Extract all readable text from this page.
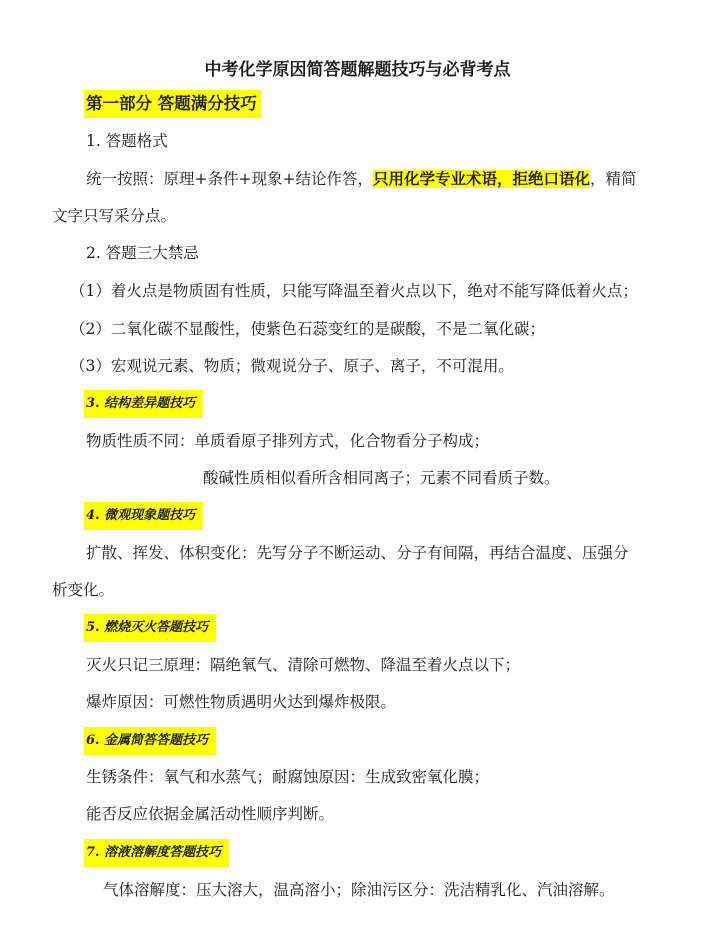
中考化学原因简答题解题技巧与必背考点
第一部分 答题满分技巧
1. 答题格式
统一按照：原理+条件+现象+结论作答，只用化学专业术语，拒绝口语化，精简
文字只写采分点。
2. 答题三大禁忌
（1）着火点是物质固有性质，只能写降温至着火点以下，绝对不能写降低着火点；
（2）二氧化碳不显酸性，使紫色石蕊变红的是碳酸，不是二氧化碳；
（3）宏观说元素、物质；微观说分子、原子、离子，不可混用。
3. 结构差异题技巧
物质性质不同：单质看原子排列方式，化合物看分子构成；
酸碱性质相似看所含相同离子；元素不同看质子数。
4. 微观现象题技巧
扩散、挥发、体积变化：先写分子不断运动、分子有间隔，再结合温度、压强分
析变化。
5. 燃烧灭火答题技巧
灭火只记三原理：隔绝氧气、清除可燃物、降温至着火点以下；
爆炸原因：可燃性物质遇明火达到爆炸极限。
6. 金属简答答题技巧
生锈条件：氧气和水蒸气；耐腐蚀原因：生成致密氧化膜；
能否反应依据金属活动性顺序判断。
7. 溶液溶解度答题技巧
气体溶解度：压大溶大，温高溶小；除油污区分：洗洁精乳化、汽油溶解。
